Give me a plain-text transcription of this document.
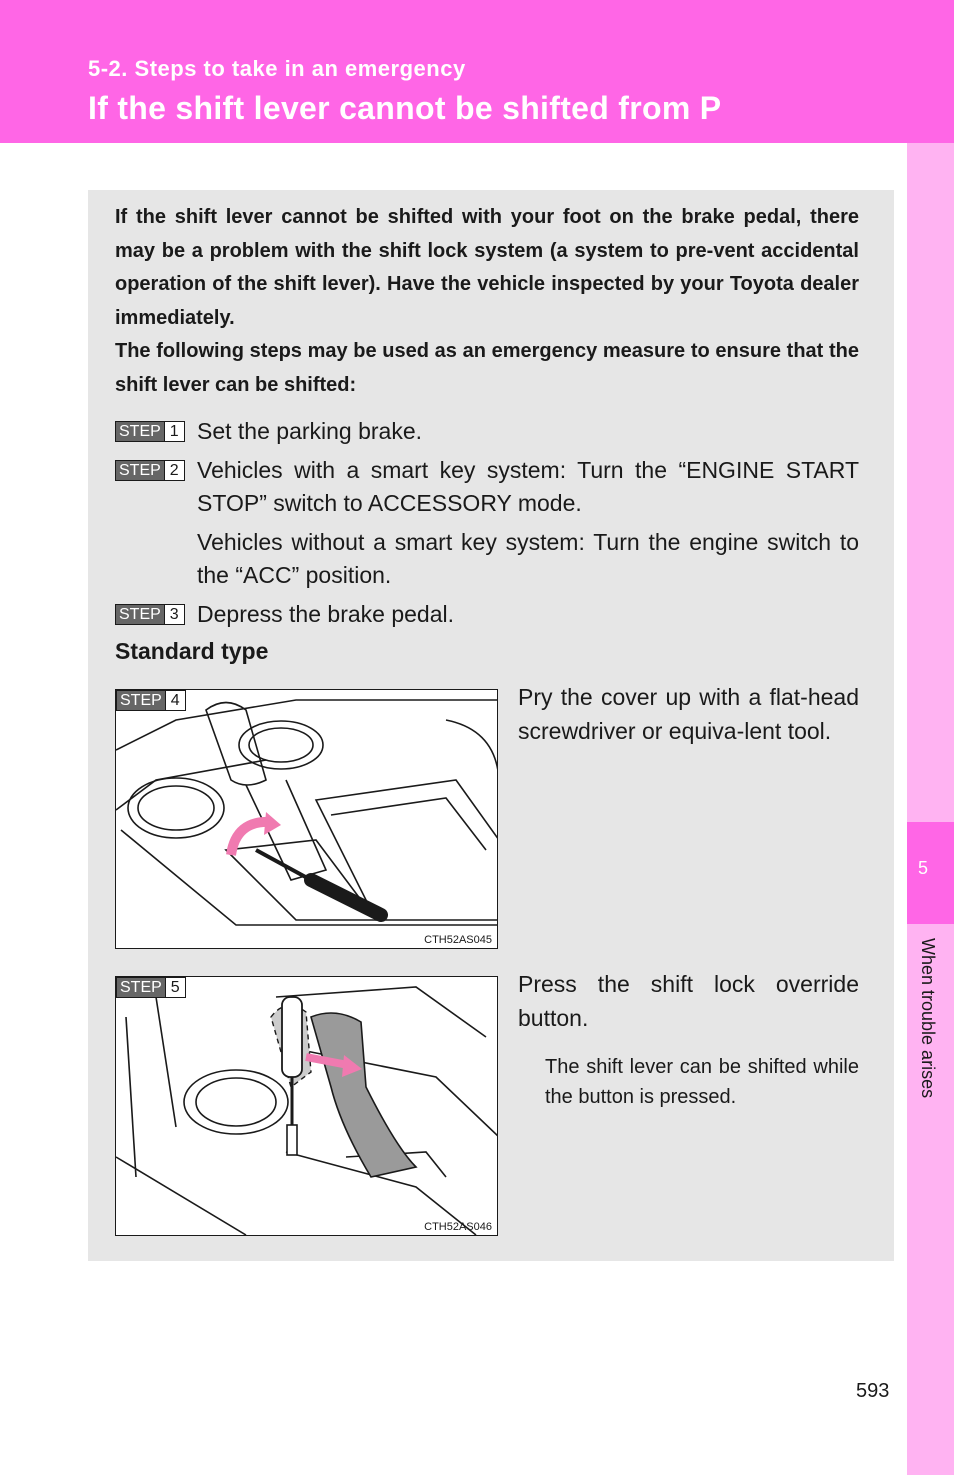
5-2. Steps to take in an emergency
If the shift lever cannot be shifted from P
5
When trouble arises

If the shift lever cannot be shifted with your foot on the brake pedal, there may be a problem with the shift lock system (a system to pre-vent accidental operation of the shift lever). Have the vehicle inspected by your Toyota dealer immediately.

The following steps may be used as an emergency measure to ensure that the shift lever can be shifted:

STEP 1 Set the parking brake.

STEP 2 Vehicles with a smart key system: Turn the “ENGINE START STOP” switch to ACCESSORY mode.

Vehicles without a smart key system: Turn the engine switch to the “ACC” position.

STEP 3 Depress the brake pedal.

Standard type
STEP 4
CTH52AS045

Pry the cover up with a flat-head screwdriver or equiva-lent tool.

STEP 5
CTH52AS046

Press the shift lock override button.

The shift lever can be shifted while the button is pressed.

593
